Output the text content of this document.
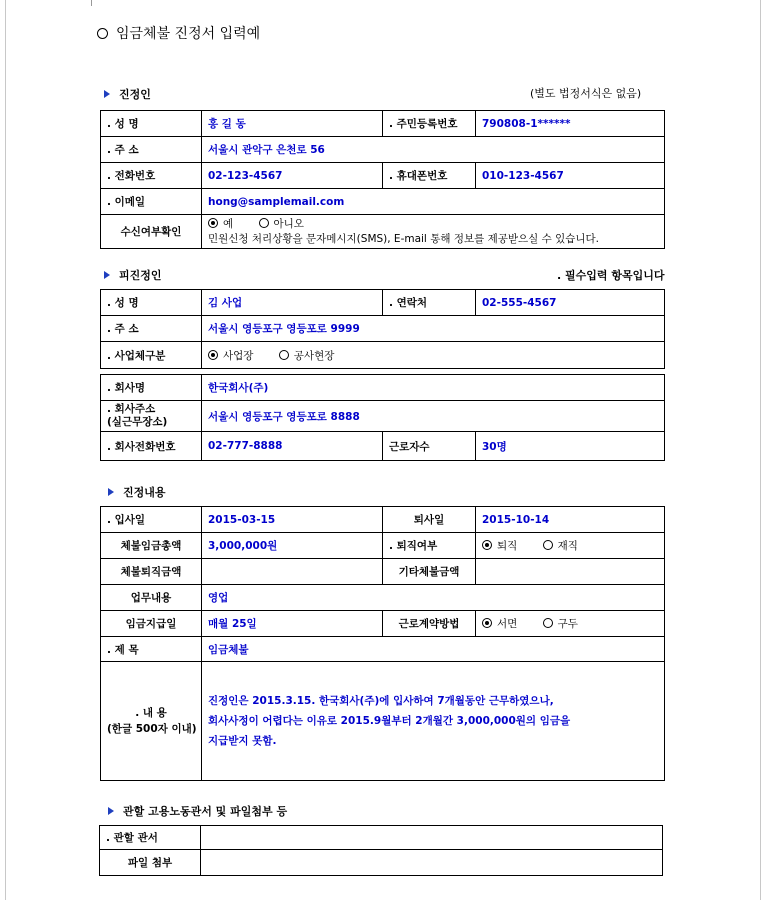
임금체불 진정서 입력예
진정인	(별도 법정서식은 없음)
. 성 명	홍 길 동	. 주민등록번호	790808-1******
. 주 소	서울시 관악구 은천로 56		
. 전화번호	02-123-4567	. 휴대폰번호	010-123-4567
. 이메일	hong@samplemail.com		
수신여부확인	예 아니오
민원신청 처리상황을 문자메시지(SMS), E-mail 통해 정보를 제공받으실 수 있습니다.		
피진정인	. 필수입력 항목입니다
. 성 명	김 사업	. 연락처	02-555-4567
. 주 소	서울시 영등포구 영등포로 9999		
. 사업체구분	사업장 공사현장		
. 회사명	한국회사(주)		
. 회사주소
(실근무장소)	서울시 영등포구 영등포로 8888		
. 회사전화번호	02-777-8888	근로자수	30명
진정내용
. 입사일	2015-03-15	퇴사일	2015-10-14
체불임금총액	3,000,000원	. 퇴직여부	퇴직 재직
체불퇴직금액		기타체불금액	
업무내용	영업		
임금지급일	매월 25일	근로계약방법	서면 구두
. 제 목	임금체불		
. 내 용
(한글 500자 이내)	진정인은 2015.3.15. 한국회사(주)에 입사하여 7개월동안 근무하였으나,
회사사정이 어렵다는 이유로 2015.9월부터 2개월간 3,000,000원의 임금을
지급받지 못함.		
관할 고용노동관서 및 파일첨부 등
. 관할 관서	
파일 첨부	
